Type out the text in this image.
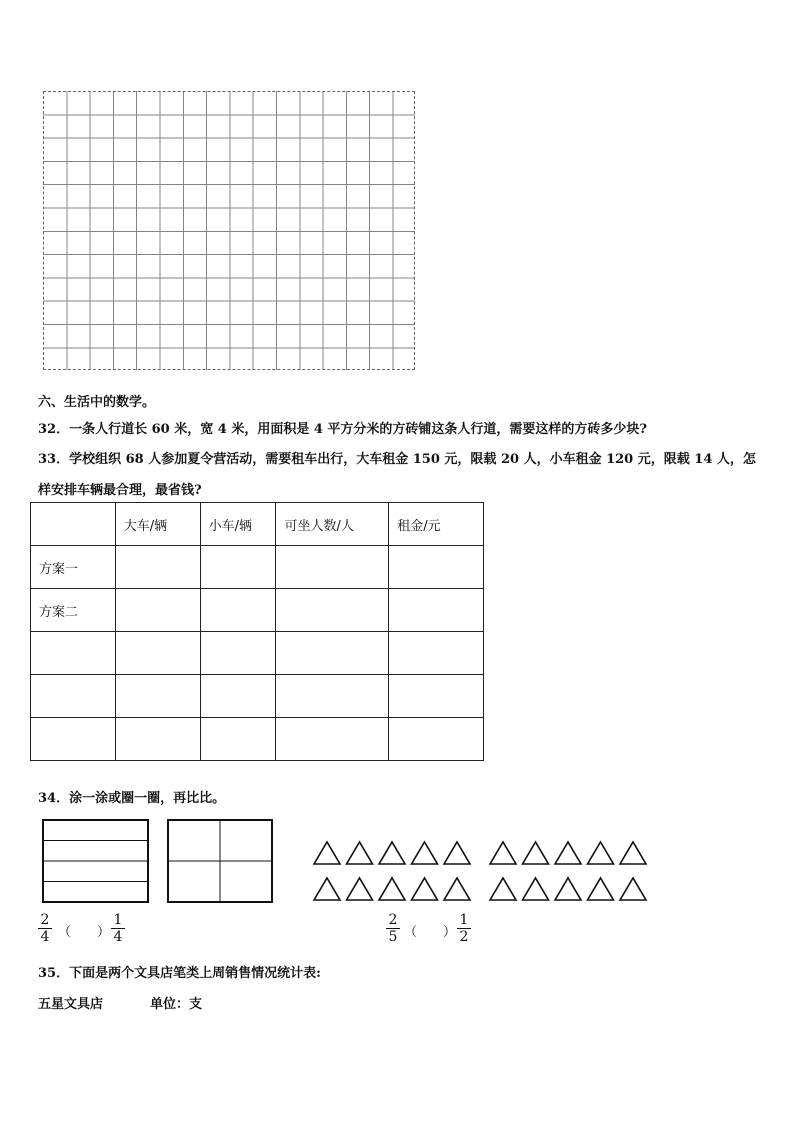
六、生活中的数学。
32．一条人行道长 60 米，宽 4 米，用面积是 4 平方分米的方砖铺这条人行道，需要这样的方砖多少块?
33．学校组织 68 人参加夏令营活动，需要租车出行，大车租金 150 元，限载 20 人，小车租金 120 元，限载 14 人，怎
样安排车辆最合理，最省钱?
	大车/辆	小车/辆	可坐人数/人	租金/元
方案一				
方案二				

34．涂一涂或圈一圈，再比比。
$\frac{2}{4}$ （　　） $\frac{1}{4}$	$\frac{2}{5}$ （　　） $\frac{1}{2}$
35．下面是两个文具店笔类上周销售情况统计表:
五星文具店	单位：支
